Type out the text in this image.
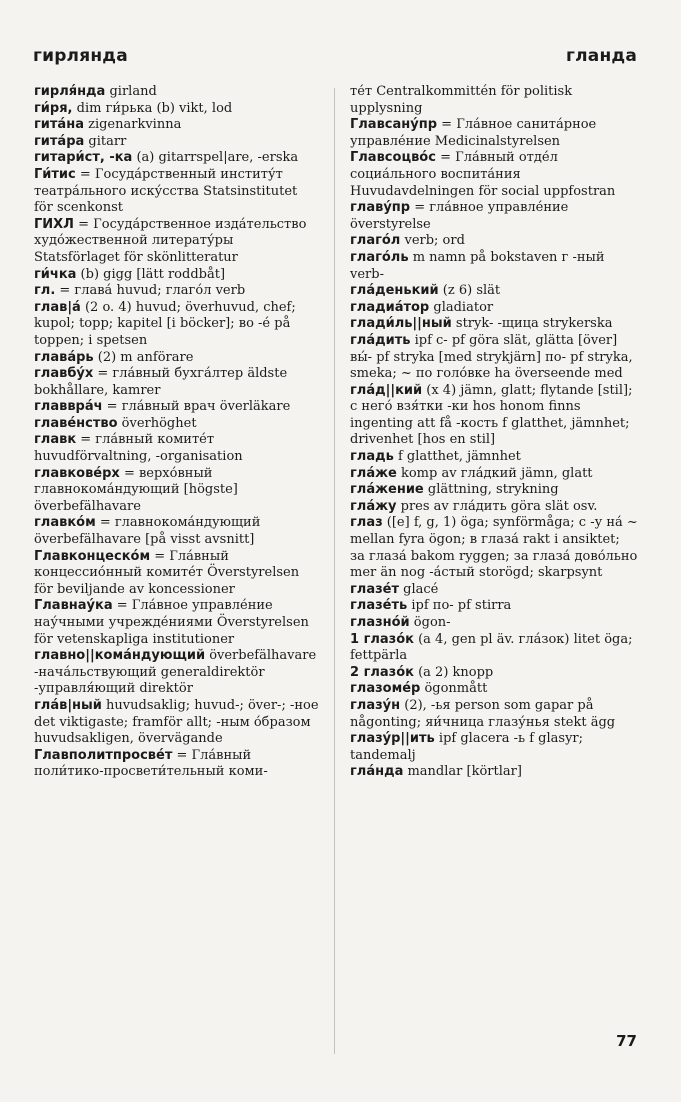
гирлянда	гланда

гирля́нда girland

ги́ря, dim ги́рька (b) vikt, lod

гита́на zigenarkvinna

гита́ра gitarr

гитари́ст, -ка (a) gitarrspel|are, -erska

Ги́тис = Госуда́рственный институ́т театра́льного иску́сства Statsinstitutet för scenkonst

ГИХЛ = Госуда́рственное изда́тельство худо́жественной литерату́ры Statsförlaget för skönlitteratur

ги́чка (b) gigg [lätt roddbåt]

гл. = глава́ huvud; глаго́л verb

глав|а́ (2 o. 4) huvud; överhuvud, chef; kupol; topp; kapitel [i böcker]; во -е́ på toppen; i spetsen

глава́рь (2) m anförare

главбу́х = гла́вный бухга́лтер äldste bokhållare, kamrer

главвра́ч = гла́вный врач överläkare

главе́нство överhöghet

главк = гла́вный комите́т huvudförvaltning, -organisation

главкове́рх = верхо́вный главнокома́ндующий [högste] överbefälhavare

главко́м = главнокома́ндующий överbefälhavare [på visst avsnitt]

Главконцеско́м = Гла́вный концессио́нный комите́т Överstyrelsen för beviljande av koncessioner

Главнау́ка = Гла́вное управле́ние нау́чными учрежде́ниями Överstyrelsen för vetenskapliga institutioner

главно||кома́ндующий överbefälhavare -нача́льствующий generaldirektör -управля́ющий direktör

гла́в|ный huvudsaklig; huvud-; över-; -ное det viktigaste; framför allt; -ным о́бразом huvudsakligen, övervägande

Главполитпросве́т = Гла́вный поли́тико-просвети́тельный коми-

те́т Centralkommittén för politisk upplysning

Главсану́пр = Гла́вное санита́рное управле́ние Medicinalstyrelsen

Главсоцво́с = Гла́вный отде́л социа́льного воспита́ния Huvudavdelningen för social uppfostran

главу́пр = гла́вное управле́ние överstyrelse

глаго́л verb; ord

глаго́ль m namn på bokstaven г -ный verb-

гла́денький (z 6) slät

гладиа́тор gladiator

глади́ль||ный stryk- -щица strykerska

гла́дить ipf с- pf göra slät, glätta [över] вы́- pf stryka [med strykjärn] по- pf stryka, smeka; ~ по голо́вке ha överseende med

гла́д||кий (x 4) jämn, glatt; flytande [stil]; с него́ взя́тки -ки hos honom finns ingenting att få -кость f glatthet, jämnhet; drivenhet [hos en stil]

гладь f glatthet, jämnhet

гла́же komp av гла́дкий jämn, glatt

гла́жение glättning, strykning

гла́жу pres av гла́дить göra slät osv.

глаз ([e] f, g, 1) öga; synförmåga; с -у на́ ~ mellan fyra ögon; в глаза́ rakt i ansiktet; за глаза́ bakom ryggen; за глаза́ дово́льно mer än nog -а́стый storögd; skarpsynt

глазе́т glacé

глазе́ть ipf по- pf stirra

глазно́й ögon-

1 глазо́к (a 4, gen pl äv. гла́зок) litet öga; fettpärla

2 глазо́к (a 2) knopp

глазоме́р ögonmått

глазу́н (2), -ья person som gapar på någonting; яи́чница глазу́нья stekt ägg

глазу́р||ить ipf glacera -ь f glasyr; tandemalj

гла́нда mandlar [körtlar]

77
